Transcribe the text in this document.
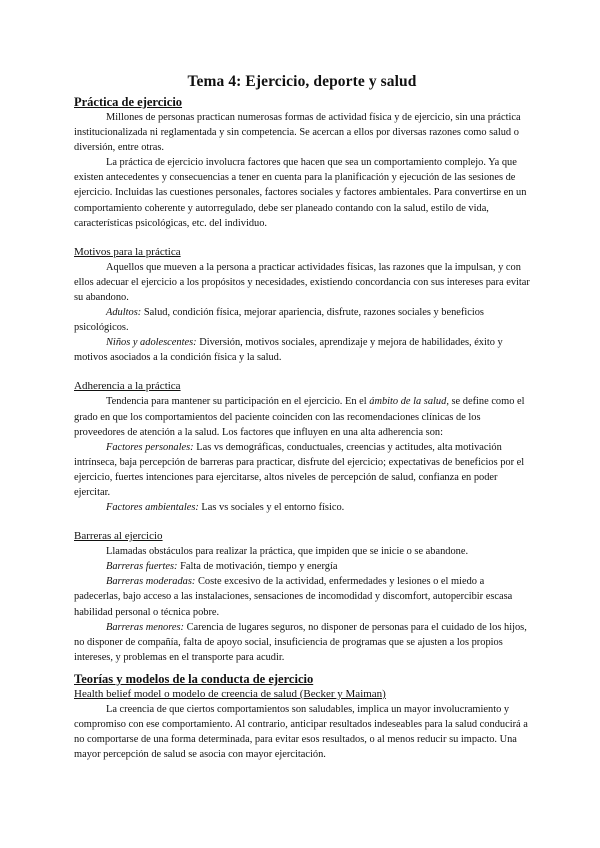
Tema 4: Ejercicio, deporte y salud
Práctica de ejercicio

Millones de personas practican numerosas formas de actividad física y de ejercicio, sin una práctica institucionalizada ni reglamentada y sin competencia. Se acercan a ellos por diversas razones como salud o diversión, entre otras.

La práctica de ejercicio involucra factores que hacen que sea un comportamiento complejo. Ya que existen antecedentes y consecuencias a tener en cuenta para la planificación y ejecución de las sesiones de ejercicio. Incluidas las cuestiones personales, factores sociales y factores ambientales. Para convertirse en un comportamiento coherente y autorregulado, debe ser planeado contando con la salud, estilo de vida, características psicológicas, etc. del individuo.

Motivos para la práctica

Aquellos que mueven a la persona a practicar actividades físicas, las razones que la impulsan, y con ellos adecuar el ejercicio a los propósitos y necesidades, existiendo concordancia con sus intereses para evitar su abandono.

Adultos: Salud, condición física, mejorar apariencia, disfrute, razones sociales y beneficios psicológicos.

Niños y adolescentes: Diversión, motivos sociales, aprendizaje y mejora de habilidades, éxito y motivos asociados a la condición física y la salud.

Adherencia a la práctica

Tendencia para mantener su participación en el ejercicio. En el ámbito de la salud, se define como el grado en que los comportamientos del paciente coinciden con las recomendaciones clínicas de los proveedores de atención a la salud. Los factores que influyen en una alta adherencia son:

Factores personales: Las vs demográficas, conductuales, creencias y actitudes, alta motivación intrínseca, baja percepción de barreras para practicar, disfrute del ejercicio; expectativas de beneficios por el ejercicio, fuertes intenciones para ejercitarse, altos niveles de percepción de salud, confianza en poder ejercitar.

Factores ambientales: Las vs sociales y el entorno físico.

Barreras al ejercicio

Llamadas obstáculos para realizar la práctica, que impiden que se inicie o se abandone.

Barreras fuertes: Falta de motivación, tiempo y energía

Barreras moderadas: Coste excesivo de la actividad, enfermedades y lesiones o el miedo a padecerlas, bajo acceso a las instalaciones, sensaciones de incomodidad y discomfort, autopercibir escasa habilidad personal o técnica pobre.

Barreras menores: Carencia de lugares seguros, no disponer de personas para el cuidado de los hijos, no disponer de compañía, falta de apoyo social, insuficiencia de programas que se ajusten a los propios intereses, y problemas en el transporte para acudir.

Teorías y modelos de la conducta de ejercicio
Health belief model o modelo de creencia de salud (Becker y Maiman)

La creencia de que ciertos comportamientos son saludables, implica un mayor involucramiento y compromiso con ese comportamiento. Al contrario, anticipar resultados indeseables para la salud conducirá a no comportarse de una forma determinada, para evitar esos resultados, o al menos reducir su impacto. Una mayor percepción de salud se asocia con mayor ejercitación.
